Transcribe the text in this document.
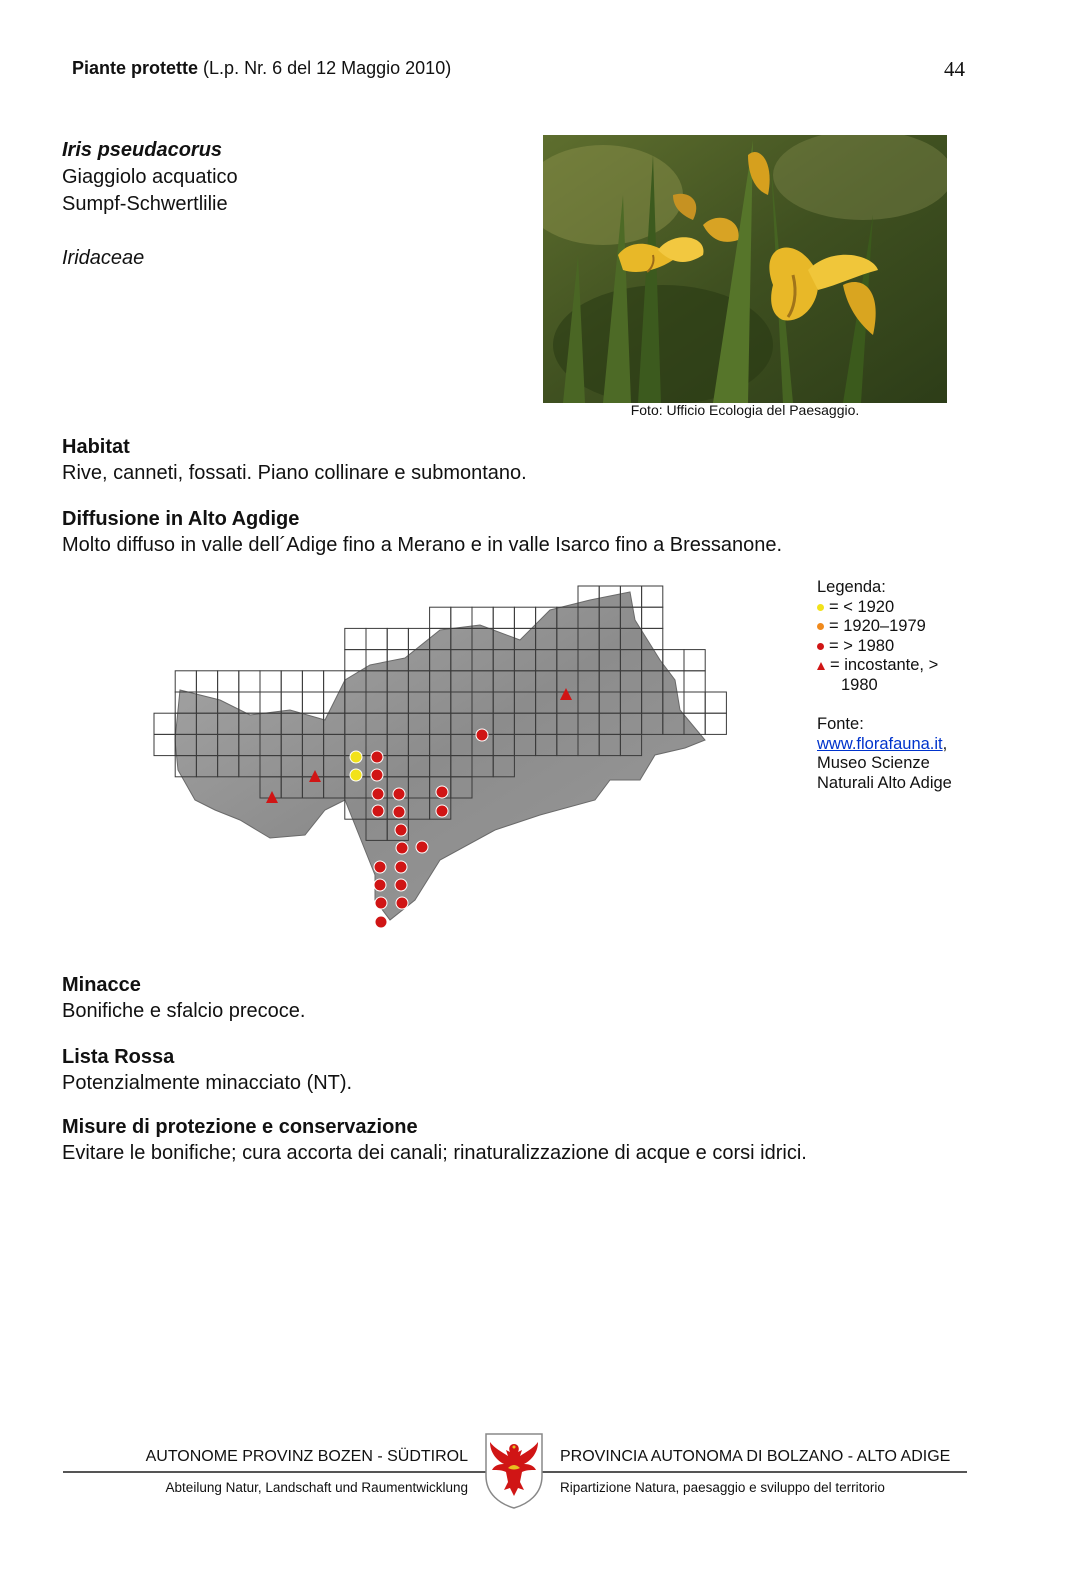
Piante protette (L.p. Nr. 6 del 12 Maggio 2010)	44
Iris pseudacorus
Giaggiolo acquatico
Sumpf-Schwertlilie
Iridaceae
Foto: Ufficio Ecologia del Paesaggio.
Habitat
Rive, canneti, fossati. Piano collinare e submontano.
Diffusione in Alto Agdige
Molto diffuso in valle dell´Adige fino a Merano e in valle Isarco fino a Bressanone.
Legenda:
= < 1920
= 1920–1979
= > 1980
= incostante, >
1980
Fonte:
www.florafauna.it,
Museo Scienze
Naturali Alto Adige
Minacce
Bonifiche e sfalcio precoce.
Lista Rossa
Potenzialmente minacciato (NT).
Misure di protezione e conservazione
Evitare le bonifiche; cura accorta dei canali; rinaturalizzazione di acque e corsi idrici.
AUTONOME PROVINZ BOZEN - SÜDTIROL
Abteilung Natur, Landschaft und Raumentwicklung
PROVINCIA AUTONOMA DI BOLZANO - ALTO ADIGE
Ripartizione Natura, paesaggio e sviluppo del territorio
